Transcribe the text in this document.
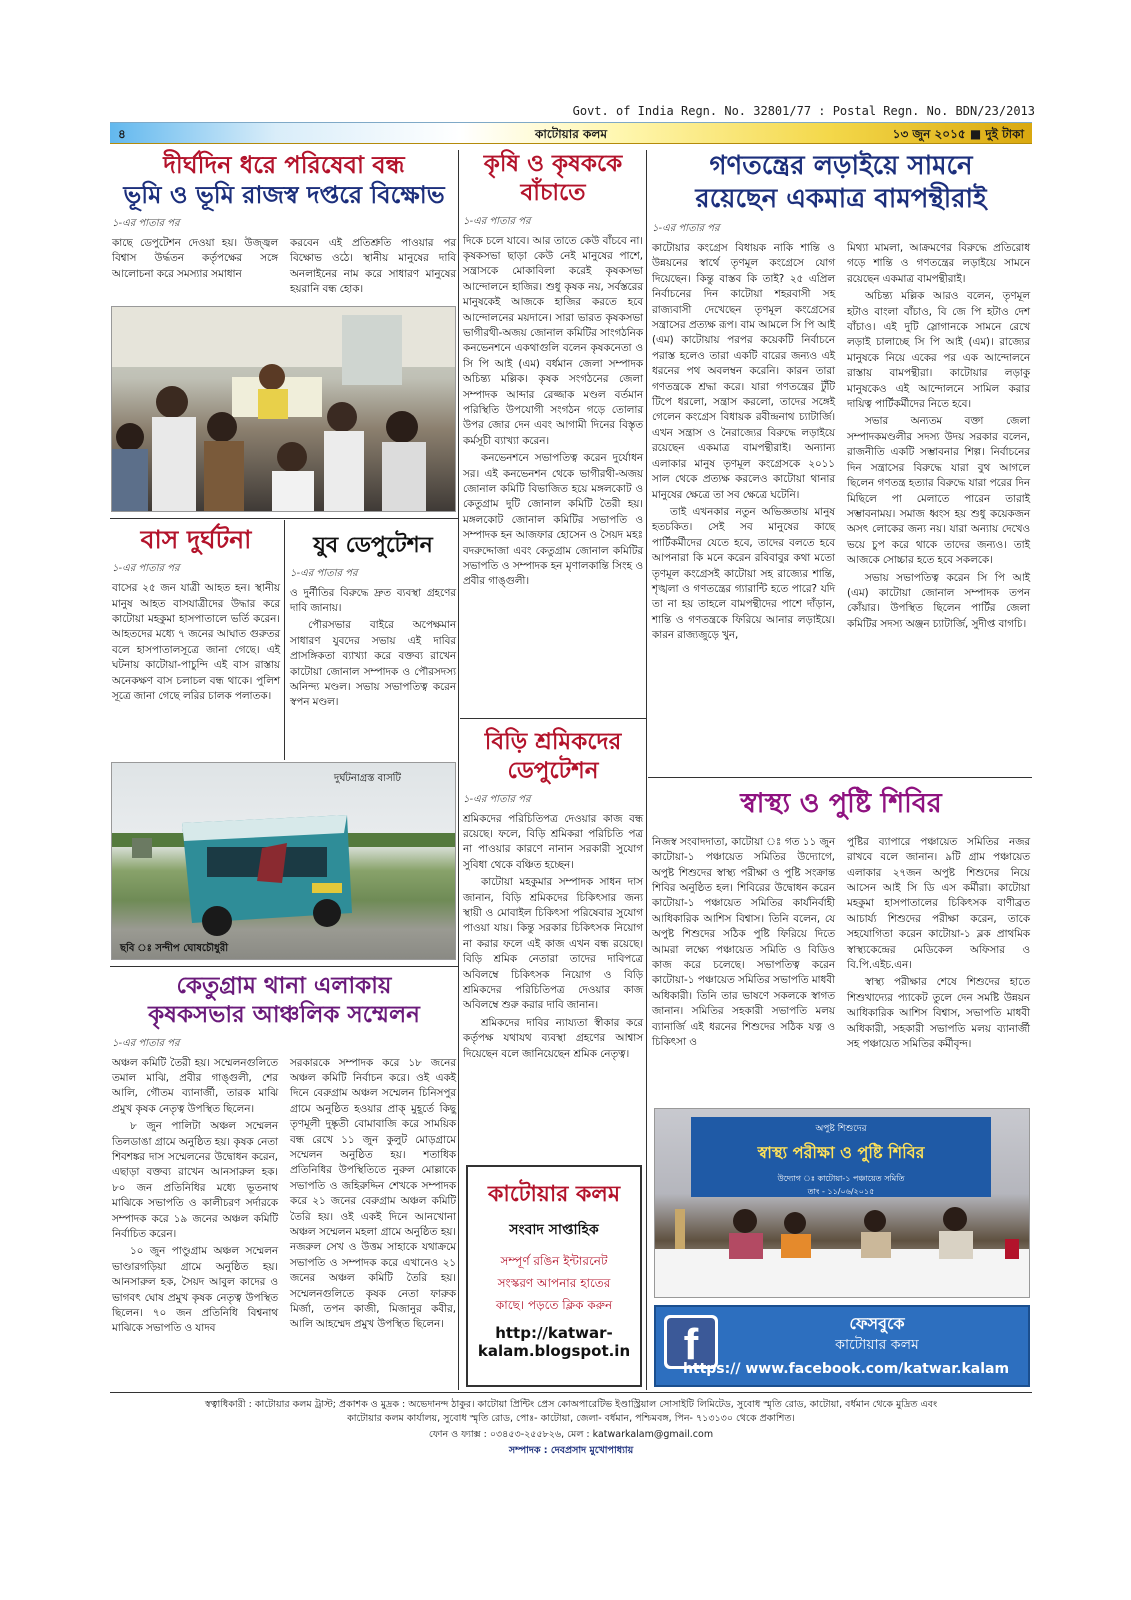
Govt. of India Regn. No. 32801/77 : Postal Regn. No. BDN/23/2013
৪	কাটোয়ার কলম	১৩ জুন ২০১৫ ■ দুই টাকা
দীর্ঘদিন ধরে পরিষেবা বন্ধ
ভূমি ও ভূমি রাজস্ব দপ্তরে বিক্ষোভ
১-এর পাতার পর

কাছে ডেপুটেশন দেওয়া হয়। উজ্জ্বল বিশ্বাস উর্দ্ধতন কর্তৃপক্ষের সঙ্গে আলোচনা করে সমস্যার সমাধান

করবেন এই প্রতিশ্রুতি পাওয়ার পর বিক্ষোভ ওঠে। স্থানীয় মানুষের দাবি অনলাইনের নাম করে সাধারণ মানুষের হয়রানি বন্ধ হোক।

বাস দুর্ঘটনা
১-এর পাতার পর

বাসের ২৫ জন যাত্রী আহত হন। স্থানীয় মানুষ আহত বাসযাত্রীদের উদ্ধার করে কাটোয়া মহকুমা হাসপাতালে ভর্তি করেন। আহতদের মধ্যে ৭ জনের আঘাত গুরুতর বলে হাসপাতালসূত্রে জানা গেছে। এই ঘটনায় কাটোয়া-পাচুন্দি এই বাস রাস্তায় অনেকক্ষণ বাস চলাচল বন্ধ থাকে। পুলিশ সূত্রে জানা গেছে লরির চালক পলাতক।

যুব ডেপুটেশন
১-এর পাতার পর

ও দুর্নীতির বিরুদ্ধে দ্রুত ব্যবস্থা গ্রহণের দাবি জানায়।

পৌরসভার বাইরে অপেক্ষমান সাধারণ যুবদের সভায় এই দাবির প্রাসঙ্গিকতা ব্যাখ্যা করে বক্তব্য রাখেন কাটোয়া জোনাল সম্পাদক ও পৌরসদস্য অনিন্দ্য মণ্ডল। সভায় সভাপতিত্ব করেন স্বপন মণ্ডল।

দুর্ঘটনাগ্রস্ত বাসটি
ছবি ঃ সন্দীপ ঘোষচৌধুরী
কেতুগ্রাম থানা এলাকায়
কৃষকসভার আঞ্চলিক সম্মেলন
১-এর পাতার পর

অঞ্চল কমিটি তৈরী হয়। সম্মেলনগুলিতে তমাল মাঝি, প্রবীর গাঙ্গুলী, শের আলি, গৌতম ব্যানার্জী, তারক মাঝি প্রমুখ কৃষক নেতৃত্ব উপস্থিত ছিলেন।

৮ জুন পালিটা অঞ্চল সম্মেলন তিলডাঙা গ্রামে অনুষ্ঠিত হয়। কৃষক নেতা শিবশঙ্কর দাস সম্মেলনের উদ্বোধন করেন, এছাড়া বক্তব্য রাখেন আনসারুল হক। ৮০ জন প্রতিনিধির মধ্যে ভূতনাথ মাঝিকে সভাপতি ও কালীচরণ সর্দারকে সম্পাদক করে ১৯ জনের অঞ্চল কমিটি নির্বাচিত করেন।

১০ জুন পাণ্ডুগ্রাম অঞ্চল সম্মেলন ভাণ্ডারগড়িয়া গ্রামে অনুষ্ঠিত হয়। আনসারুল হক, সৈয়দ আবুল কাদের ও ভাগবৎ ঘোষ প্রমুখ কৃষক নেতৃত্ব উপস্থিত ছিলেন। ৭০ জন প্রতিনিধি বিশ্বনাথ মাঝিকে সভাপতি ও যাদব

সরকারকে সম্পাদক করে ১৮ জনের অঞ্চল কমিটি নির্বাচন করে। ওই একই দিনে বেরুগ্রাম অঞ্চল সম্মেলন চিনিসপুর গ্রামে অনুষ্ঠিত হওয়ার প্রাক্ মুহূর্তে কিছু তৃণমূলী দুষ্কৃতী বোমাবাজি করে সাময়িক বন্ধ রেখে ১১ জুন কুলুট মোড়গ্রামে সম্মেলন অনুষ্ঠিত হয়। শতাধিক প্রতিনিধির উপস্থিতিতে নুরুল মোল্লাকে সভাপতি ও জহিরুদ্দিন শেখকে সম্পাদক করে ২১ জনের বেরুগ্রাম অঞ্চল কমিটি তৈরি হয়। ওই একই দিনে আনখোনা অঞ্চল সম্মেলন মহলা গ্রামে অনুষ্ঠিত হয়। নজরুল সেখ ও উত্তম সাহাকে যথাক্রমে সভাপতি ও সম্পাদক করে এখানেও ২১ জনের অঞ্চল কমিটি তৈরি হয়। সম্মেলনগুলিতে কৃষক নেতা ফারুক মির্জা, তপন কাজী, মিজানুর কবীর, আলি আহম্মেদ প্রমুখ উপস্থিত ছিলেন।

কৃষি ও কৃষককে
বাঁচাতে
১-এর পাতার পর

দিকে চলে যাবে। আর তাতে কেউ বাঁচবে না। কৃষকসভা ছাড়া কেউ নেই মানুষের পাশে, সন্ত্রাসকে মোকাবিলা করেই কৃষকসভা আন্দোলনে হাজির। শুধু কৃষক নয়, সর্বস্তরের মানুষকেই আজকে হাজির করতে হবে আন্দোলনের ময়দানে। সারা ভারত কৃষকসভা ভাগীরথী-অজয় জোনাল কমিটির সাংগঠনিক কনভেনশনে একথাগুলি বলেন কৃষকনেতা ও সি পি আই (এম) বর্ধমান জেলা সম্পাদক অচিন্ত্য মল্লিক। কৃষক সংগঠনের জেলা সম্পাদক আব্দার রেজ্জাক মণ্ডল বর্তমান পরিস্থিতি উপযোগী সংগঠন গড়ে তোলার উপর জোর দেন এবং আগামী দিনের বিস্তৃত কর্মসূচী ব্যাখ্যা করেন।

কনভেনশনে সভাপতিত্ব করেন দুর্যোধন সর। এই কনভেনশন থেকে ভাগীরথী-অজয় জোনাল কমিটি বিভাজিত হয়ে মঙ্গলকোট ও কেতুগ্রাম দুটি জোনাল কমিটি তৈরী হয়। মঙ্গলকোট জোনাল কমিটির সভাপতি ও সম্পাদক হন আজফার হোসেন ও সৈয়দ মহঃ বদরুদ্দোজা এবং কেতুগ্রাম জোনাল কমিটির সভাপতি ও সম্পাদক হন মৃণালকান্তি সিংহ ও প্রবীর গাঙ্গুলী।

বিড়ি শ্রমিকদের
ডেপুটেশন
১-এর পাতার পর

শ্রমিকদের পরিচিতিপত্র দেওয়ার কাজ বন্ধ রয়েছে। ফলে, বিড়ি শ্রমিকরা পরিচিতি পত্র না পাওয়ার কারণে নানান সরকারী সুযোগ সুবিধা থেকে বঞ্চিত হচ্ছেন।

কাটোয়া মহকুমার সম্পাদক সাধন দাস জানান, বিড়ি শ্রমিকদের চিকিৎসার জন্য স্থায়ী ও মোবাইল চিকিৎসা পরিষেবার সুযোগ পাওয়া যায়। কিন্তু সরকার চিকিৎসক নিয়োগ না করার ফলে এই কাজ এখন বন্ধ রয়েছে। বিড়ি শ্রমিক নেতারা তাদের দাবিপত্রে অবিলম্বে চিকিৎসক নিয়োগ ও বিড়ি শ্রমিকদের পরিচিতিপত্র দেওয়ার কাজ অবিলম্বে শুরু করার দাবি জানান।

শ্রমিকদের দাবির ন্যায্যতা স্বীকার করে কর্তৃপক্ষ যথাযথ ব্যবস্থা গ্রহণের আশ্বাস দিয়েছেন বলে জানিয়েছেন শ্রমিক নেতৃত্ব।

কাটোয়ার কলম
সংবাদ সাপ্তাহিক
সম্পূর্ণ রঙিন ইন্টারনেট
সংস্করণ আপনার হাতের
কাছে। পড়তে ক্লিক করুন
http://katwar-
kalam.blogspot.in
গণতন্ত্রের লড়াইয়ে সামনে
রয়েছেন একমাত্র বামপন্থীরাই
১-এর পাতার পর

কাটোয়ার কংগ্রেস বিধায়ক নাকি শান্তি ও উন্নয়নের স্বার্থে তৃণমূল কংগ্রেসে যোগ দিয়েছেন। কিন্তু বাস্তব কি তাই? ২৫ এপ্রিল নির্বাচনের দিন কাটোয়া শহরবাসী সহ রাজ্যবাসী দেখেছেন তৃণমূল কংগ্রেসের সন্ত্রাসের প্রত্যক্ষ রূপ। বাম আমলে সি পি আই (এম) কাটোয়ায় পরপর কয়েকটি নির্বাচনে পরাস্ত হলেও তারা একটি বারের জন্যও এই ধরনের পথ অবলম্বন করেনি। কারন তারা গণতন্ত্রকে শ্রদ্ধা করে। যারা গণতন্ত্রের টুঁটি টিপে ধরলো, সন্ত্রাস করলো, তাদের সঙ্গেই গেলেন কংগ্রেস বিধায়ক রবীন্দ্রনাথ চ্যাটার্জি। এখন সন্ত্রাস ও নৈরাজ্যের বিরুদ্ধে লড়াইয়ে রয়েছেন একমাত্র বামপন্থীরাই। অন্যান্য এলাকার মানুষ তৃণমূল কংগ্রেসকে ২০১১ সাল থেকে প্রত্যক্ষ করলেও কাটোয়া থানার মানুষের ক্ষেত্রে তা সব ক্ষেত্রে ঘটেনি।

তাই এখনকার নতুন অভিজ্ঞতায় মানুষ হতচকিত। সেই সব মানুষের কাছে পার্টিকর্মীদের যেতে হবে, তাদের বলতে হবে আপনারা কি মনে করেন রবিবাবুর কথা মতো তৃণমূল কংগ্রেসই কাটোয়া সহ রাজ্যের শান্তি, শৃঙ্খলা ও গণতন্ত্রের গ্যারান্টি হতে পারে? যদি তা না হয় তাহলে বামপন্থীদের পাশে দাঁড়ান, শান্তি ও গণতন্ত্রকে ফিরিয়ে আনার লড়াইয়ে। কারন রাজ্যজুড়ে খুন,

মিথ্যা মামলা, আক্রমণের বিরুদ্ধে প্রতিরোধ গড়ে শান্তি ও গণতন্ত্রের লড়াইয়ে সামনে রয়েছেন একমাত্র বামপন্থীরাই।

অচিন্ত্য মল্লিক আরও বলেন, তৃণমূল হটাও বাংলা বাঁচাও, বি জে পি হটাও দেশ বাঁচাও। এই দুটি স্লোগানকে সামনে রেখে লড়াই চালাচ্ছে সি পি আই (এম)। রাজ্যের মানুষকে নিয়ে একের পর এক আন্দোলনে রাস্তায় বামপন্থীরা। কাটোয়ার লড়াকু মানুষকেও এই আন্দোলনে সামিল করার দায়িত্ব পার্টিকর্মীদের নিতে হবে।

সভার অন্যতম বক্তা জেলা সম্পাদকমণ্ডলীর সদস্য উদয় সরকার বলেন, রাজনীতি একটি সম্ভাবনার শিল্প। নির্বাচনের দিন সন্ত্রাসের বিরুদ্ধে যারা বুথ আগলে ছিলেন গণতন্ত্র হত্যার বিরুদ্ধে যারা পরের দিন মিছিলে পা মেলাতে পারেন তারাই সম্ভাবনাময়। সমাজ ধ্বংস হয় শুধু কয়েকজন অসৎ লোকের জন্য নয়। যারা অন্যায় দেখেও ভয়ে চুপ করে থাকে তাদের জন্যও। তাই আজকে সোচ্চার হতে হবে সকলকে।

সভায় সভাপতিত্ব করেন সি পি আই (এম) কাটোয়া জোনাল সম্পাদক তপন কোঁয়ার। উপস্থিত ছিলেন পার্টির জেলা কমিটির সদস্য অঞ্জন চ্যাটার্জি, সুদীপ্ত বাগচি।

স্বাস্থ্য ও পুষ্টি শিবির

নিজস্ব সংবাদদাতা, কাটোয়া ঃ গত ১১ জুন কাটোয়া-১ পঞ্চায়েত সমিতির উদ্যোগে, অপুষ্ট শিশুদের স্বাস্থ্য পরীক্ষা ও পুষ্টি সংক্রান্ত শিবির অনুষ্ঠিত হল। শিবিরের উদ্বোধন করেন কাটোয়া-১ পঞ্চায়েত সমিতির কার্যনির্বাহী আধিকারিক আশিস বিশ্বাস। তিনি বলেন, যে অপুষ্ট শিশুদের সঠিক পুষ্টি ফিরিয়ে দিতে আমরা লক্ষ্যে পঞ্চায়েত সমিতি ও বিডিও কাজ করে চলেছে। সভাপতিত্ব করেন কাটোয়া-১ পঞ্চায়েত সমিতির সভাপতি মাধবী অধিকারী। তিনি তার ভাষণে সকলকে স্বাগত জানান। সমিতির সহকারী সভাপতি মলয় ব্যানার্জি এই ধরনের শিশুদের সঠিক যত্ন ও চিকিৎসা ও

পুষ্টির ব্যাপারে পঞ্চায়েত সমিতির নজর রাখবে বলে জানান। ৯টি গ্রাম পঞ্চায়েত এলাকার ২৭জন অপুষ্ট শিশুদের নিয়ে আসেন আই সি ডি এস কর্মীরা। কাটোয়া মহকুমা হাসপাতালের চিকিৎসক বাণীব্রত আচার্য্য শিশুদের পরীক্ষা করেন, তাকে সহযোগিতা করেন কাটোয়া-১ ব্লক প্রাথমিক স্বাস্থ্যকেন্দ্রের মেডিকেল অফিসার ও বি.পি.এইচ.এন।

স্বাস্থ্য পরীক্ষার শেষে শিশুদের হাতে শিশুখাদ্যের প্যাকেট তুলে দেন সমষ্টি উন্নয়ন আধিকারিক আশিস বিশ্বাস, সভাপতি মাধবী অধিকারী, সহকারী সভাপতি মলয় ব্যানার্জী সহ পঞ্চায়েত সমিতির কর্মীবৃন্দ।

অপুষ্ট শিশুদের
স্বাস্থ্য পরীক্ষা ও পুষ্টি শিবির
উদ্যোগ ঃ কাটোয়া-১ পঞ্চায়েত সমিতি
তাং - ১১/০৬/২০১৫
f	ফেসবুকে
কাটোয়ার কলম
https:// www.facebook.com/katwar.kalam
স্বত্বাধিকারী : কাটোয়ার কলম ট্রাস্ট; প্রকাশক ও মুদ্রক : অভেদানন্দ ঠাকুর। কাটোয়া প্রিন্টিং প্রেস কোঅপারেটিভ ইণ্ডাস্ট্রিয়াল সোসাইটি লিমিটেড, সুবোধ স্মৃতি রোড, কাটোয়া, বর্ধমান থেকে মুদ্রিত এবং
কাটোয়ার কলম কার্যালয়, সুবোধ স্মৃতি রোড, পোঃ- কাটোয়া, জেলা- বর্ধমান, পশ্চিমবঙ্গ, পিন- ৭১৩১৩০ থেকে প্রকাশিত।
ফোন ও ফ্যাক্স : ০৩৪৫৩-২৫৫৮২৬, মেল : katwarkalam@gmail.com
সম্পাদক : দেবপ্রসাদ মুখোপাধ্যায়
